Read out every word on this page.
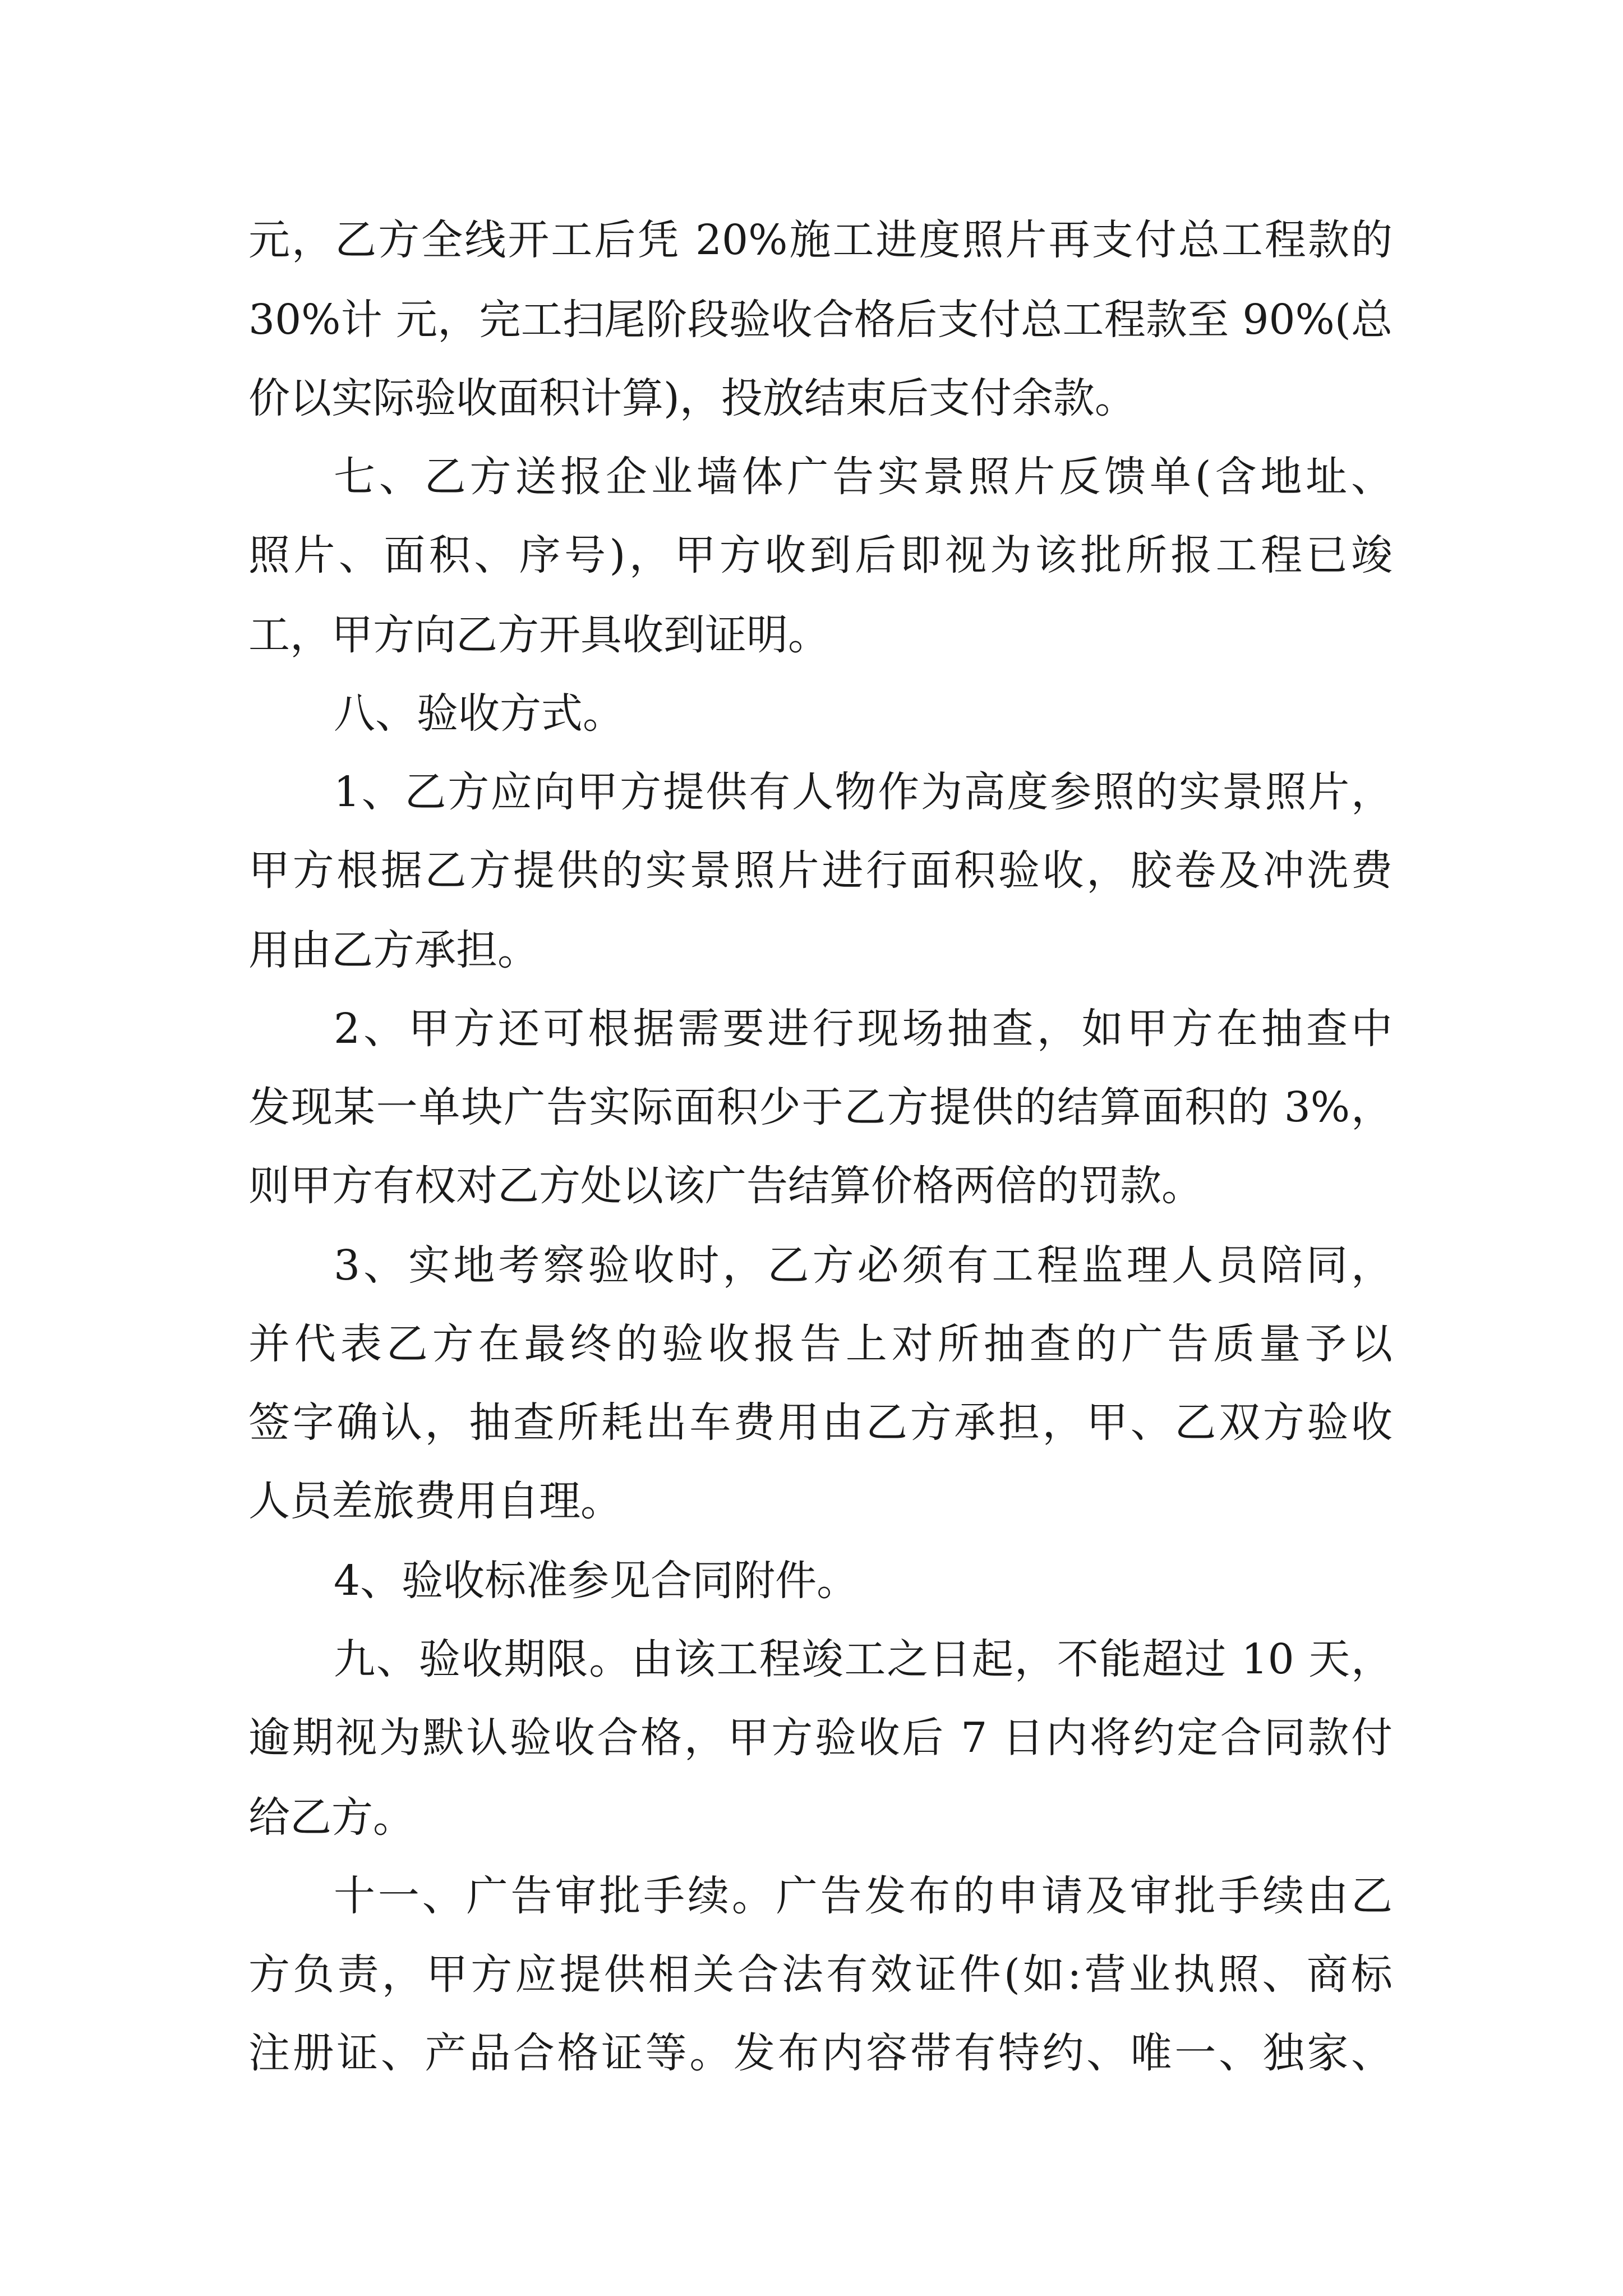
元，乙方全线开工后凭 20%施工进度照片再支付总工程款的

30%计 元，完工扫尾阶段验收合格后支付总工程款至 90%(总

价以实际验收面积计算)，投放结束后支付余款。

七、乙方送报企业墙体广告实景照片反馈单(含地址、

照片、面积、序号)，甲方收到后即视为该批所报工程已竣

工，甲方向乙方开具收到证明。

八、验收方式。

1、乙方应向甲方提供有人物作为高度参照的实景照片，

甲方根据乙方提供的实景照片进行面积验收，胶卷及冲洗费

用由乙方承担。

2、甲方还可根据需要进行现场抽查，如甲方在抽查中

发现某一单块广告实际面积少于乙方提供的结算面积的 3%，

则甲方有权对乙方处以该广告结算价格两倍的罚款。

3、实地考察验收时，乙方必须有工程监理人员陪同，

并代表乙方在最终的验收报告上对所抽查的广告质量予以

签字确认，抽查所耗出车费用由乙方承担，甲、乙双方验收

人员差旅费用自理。

4、验收标准参见合同附件。

九、验收期限。由该工程竣工之日起，不能超过 10 天，

逾期视为默认验收合格，甲方验收后 7 日内将约定合同款付

给乙方。

十一、广告审批手续。广告发布的申请及审批手续由乙

方负责，甲方应提供相关合法有效证件(如:营业执照、商标

注册证、产品合格证等。发布内容带有特约、唯一、独家、
